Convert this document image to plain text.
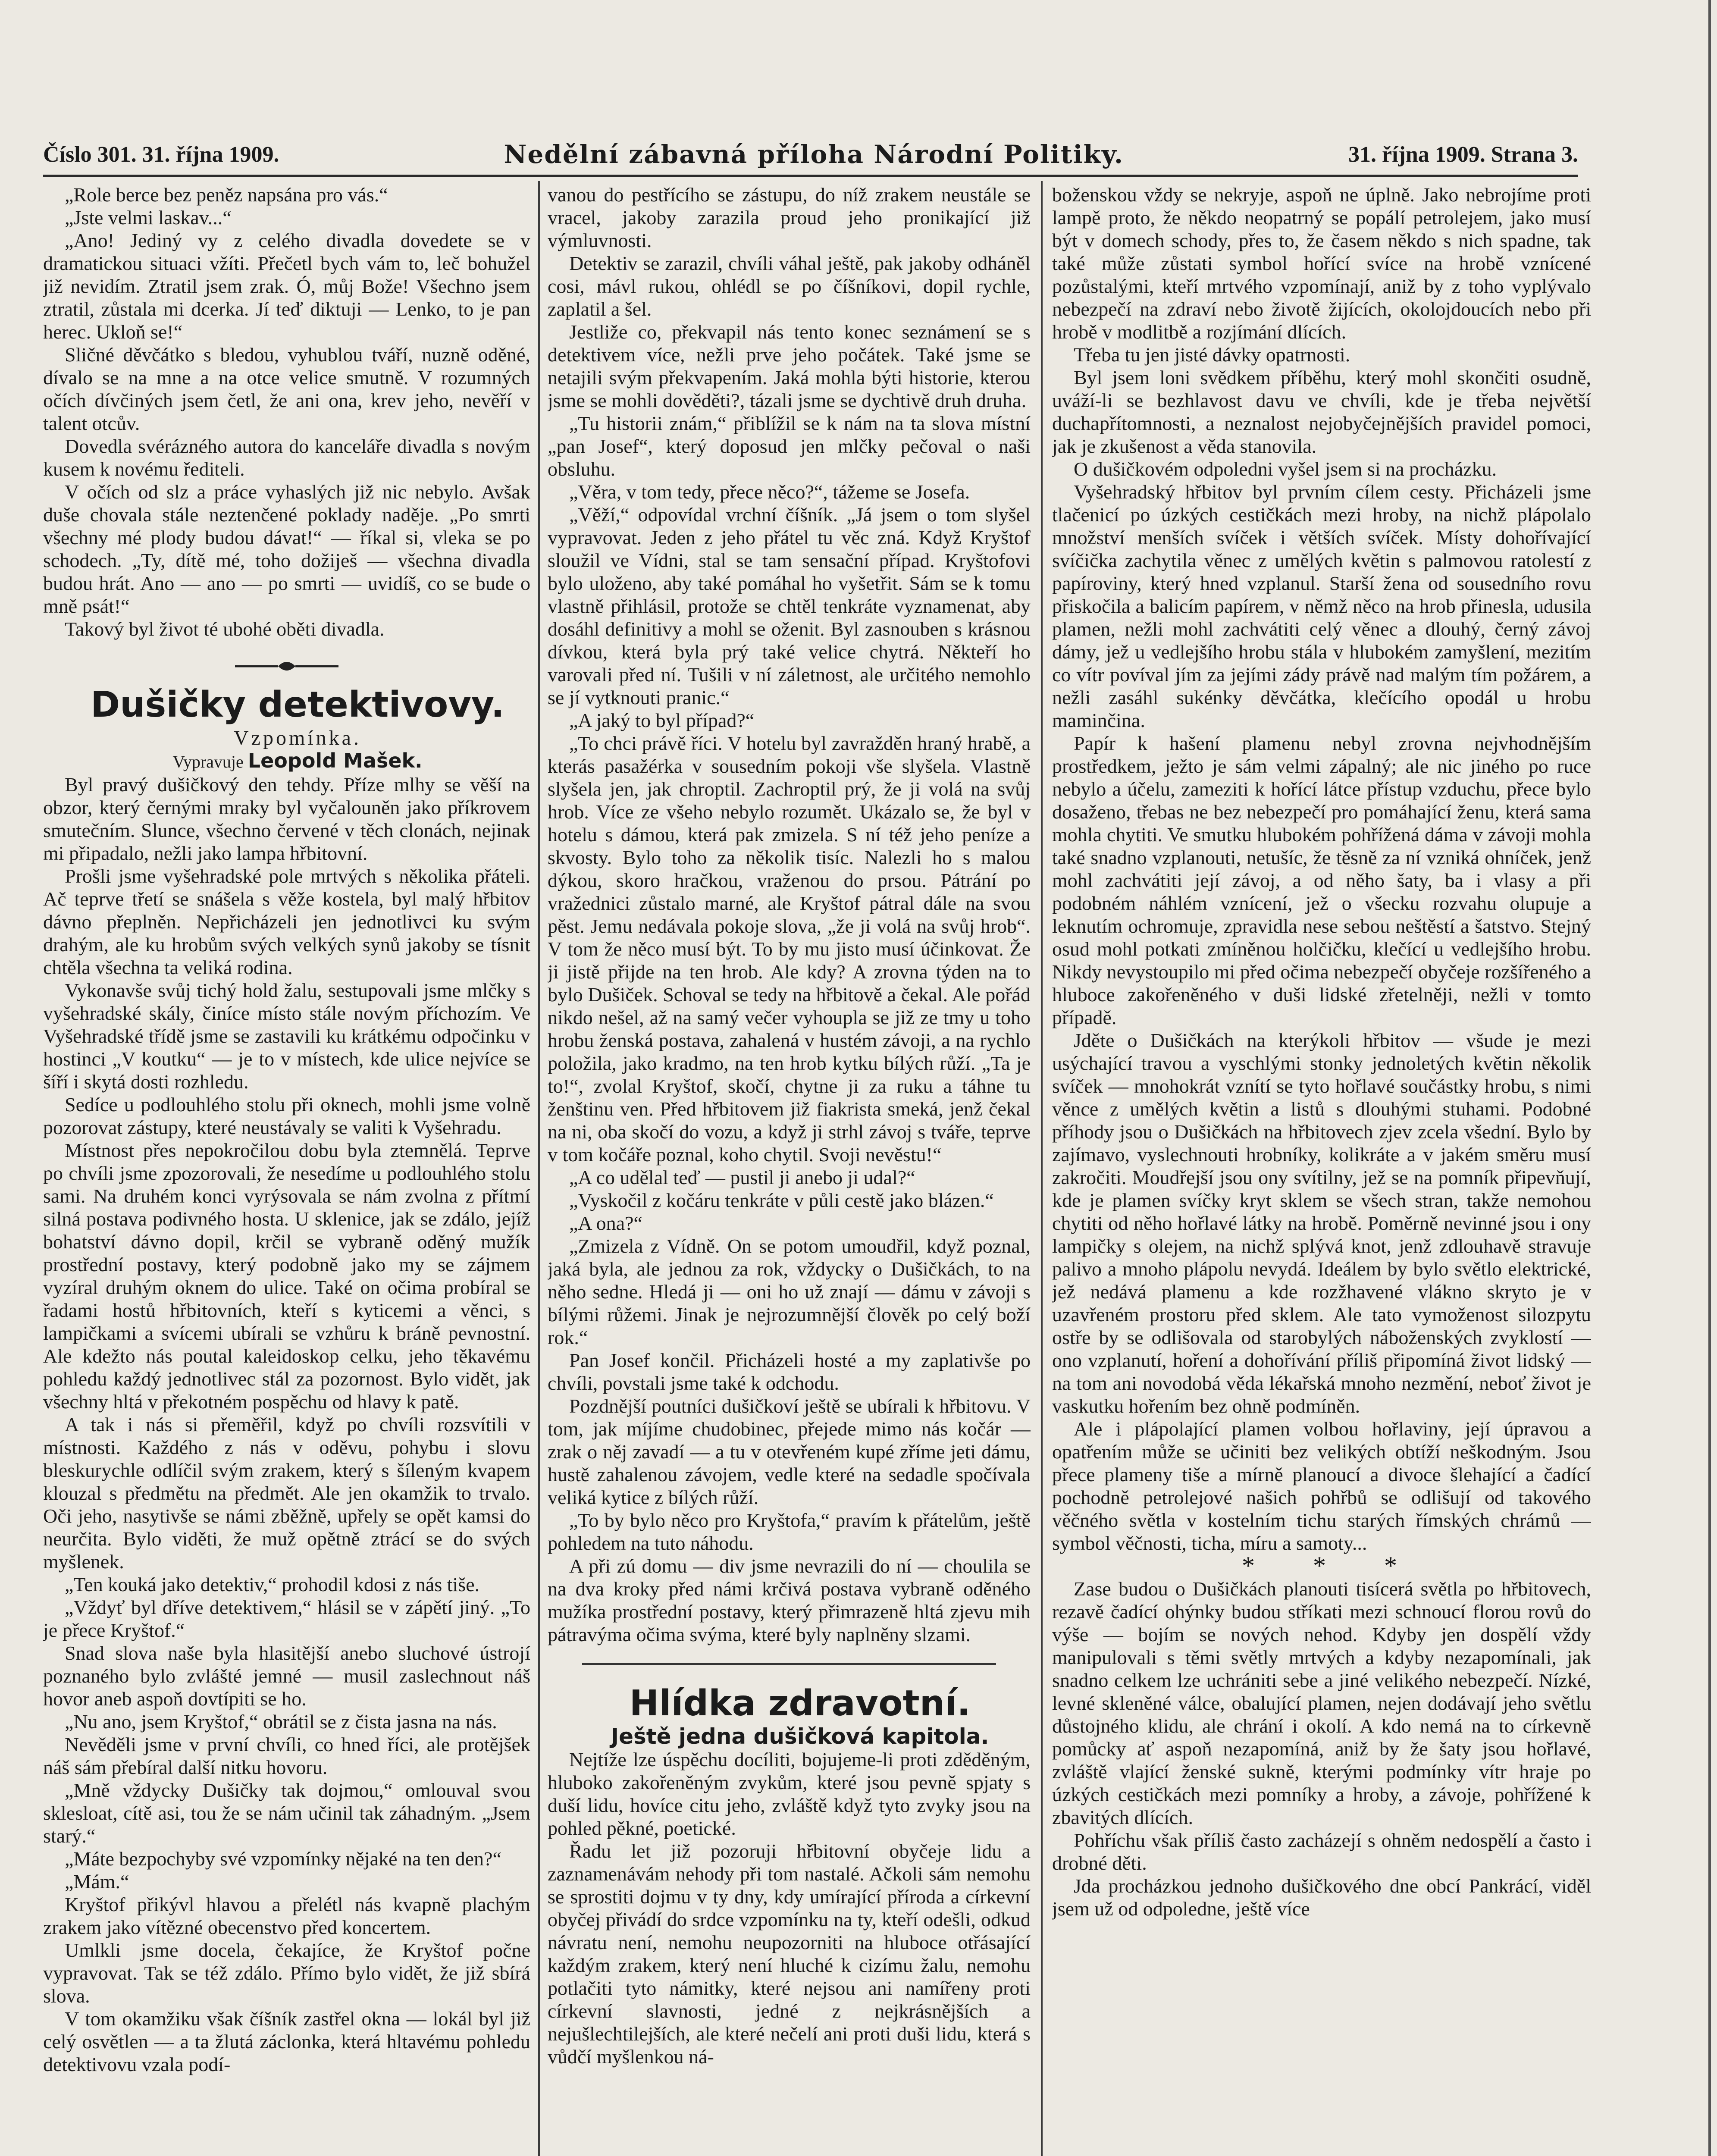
Číslo 301. 31. října 1909.	Nedělní zábavná příloha Národní Politiky.	31. října 1909. Strana 3.

„Role berce bez peněz napsána pro vás.“

„Jste velmi laskav...“

„Ano! Jediný vy z celého divadla dovedete se v dramatickou situaci vžíti. Přečetl bych vám to, leč bohužel již nevidím. Ztratil jsem zrak. Ó, můj Bože! Všechno jsem ztratil, zůstala mi dcerka. Jí teď diktuji — Lenko, to je pan herec. Ukloň se!“

Sličné děvčátko s bledou, vyhublou tváří, nuzně oděné, dívalo se na mne a na otce velice smutně. V rozumných očích dívčiných jsem četl, že ani ona, krev jeho, nevěří v talent otcův.

Dovedla svérázného autora do kanceláře divadla s novým kusem k novému řediteli.

V očích od slz a práce vyhaslých již nic nebylo. Avšak duše chovala stále neztenčené poklady naděje. „Po smrti všechny mé plody budou dávat!“ — říkal si, vleka se po schodech. „Ty, dítě mé, toho dožiješ — všechna divadla budou hrát. Ano — ano — po smrti — uvidíš, co se bude o mně psát!“

Takový byl život té ubohé oběti divadla.

Dušičky detektivovy.

Vzpomínka.

Vypravuje Leopold Mašek.

Byl pravý dušičkový den tehdy. Příze mlhy se věší na obzor, který černými mraky byl vyčalouněn jako příkrovem smutečním. Slunce, všechno červené v těch clonách, nejinak mi připadalo, nežli jako lampa hřbitovní.

Prošli jsme vyšehradské pole mrtvých s několika přáteli. Ač teprve třetí se snášela s věže kostela, byl malý hřbitov dávno přeplněn. Nepřicházeli jen jednotlivci ku svým drahým, ale ku hrobům svých velkých synů jakoby se tísnit chtěla všechna ta veliká rodina.

Vykonavše svůj tichý hold žalu, sestupovali jsme mlčky s vyšehradské skály, činíce místo stále novým příchozím. Ve Vyšehradské třídě jsme se zastavili ku krátkému odpočinku v hostinci „V koutku“ — je to v místech, kde ulice nejvíce se šíří i skytá dosti rozhledu.

Sedíce u podlouhlého stolu při oknech, mohli jsme volně pozorovat zástupy, které neustávaly se valiti k Vyšehradu.

Místnost přes nepokročilou dobu byla ztemnělá. Teprve po chvíli jsme zpozorovali, že nesedíme u podlouhlého stolu sami. Na druhém konci vyrýsovala se nám zvolna z přítmí silná postava podivného hosta. U sklenice, jak se zdálo, jejíž bohatství dávno dopil, krčil se vybraně oděný mužík prostřední postavy, který podobně jako my se zájmem vyzíral druhým oknem do ulice. Také on očima probíral se řadami hostů hřbitovních, kteří s kyticemi a věnci, s lampičkami a svícemi ubírali se vzhůru k bráně pevnostní. Ale kdežto nás poutal kaleidoskop celku, jeho těkavému pohledu každý jednotlivec stál za pozornost. Bylo vidět, jak všechny hltá v překotném pospěchu od hlavy k patě.

A tak i nás si přeměřil, když po chvíli rozsvítili v místnosti. Každého z nás v oděvu, pohybu i slovu bleskurychle odlíčil svým zrakem, který s šíleným kvapem klouzal s předmětu na předmět. Ale jen okamžik to trvalo. Oči jeho, nasytivše se námi zběžně, upřely se opět kamsi do neurčita. Bylo viděti, že muž opětně ztrácí se do svých myšlenek.

„Ten kouká jako detektiv,“ prohodil kdosi z nás tiše.

„Vždyť byl dříve detektivem,“ hlásil se v zápětí jiný. „To je přece Kryštof.“

Snad slova naše byla hlasitější anebo sluchové ústrojí poznaného bylo zvlášté jemné — musil zaslechnout náš hovor aneb aspoň dovtípiti se ho.

„Nu ano, jsem Kryštof,“ obrátil se z čista jasna na nás.

Nevěděli jsme v první chvíli, co hned říci, ale protějšek náš sám přebíral další nitku hovoru.

„Mně vždycky Dušičky tak dojmou,“ omlouval svou sklesloat, cítě asi, tou že se nám učinil tak záhadným. „Jsem starý.“

„Máte bezpochyby své vzpomínky nějaké na ten den?“

„Mám.“

Kryštof přikývl hlavou a přelétl nás kvapně plachým zrakem jako vítězné obecenstvo před koncertem.

Umlkli jsme docela, čekajíce, že Kryštof počne vypravovat. Tak se též zdálo. Přímo bylo vidět, že již sbírá slova.

V tom okamžiku však číšník zastřel okna — lokál byl již celý osvětlen — a ta žlutá záclonka, která hltavému pohledu detektivovu vzala podí-

vanou do pestřícího se zástupu, do níž zrakem neustále se vracel, jakoby zarazila proud jeho pronikající již výmluvnosti.

Detektiv se zarazil, chvíli váhal ještě, pak jakoby odháněl cosi, mávl rukou, ohlédl se po číšníkovi, dopil rychle, zaplatil a šel.

Jestliže co, překvapil nás tento konec seznámení se s detektivem více, nežli prve jeho počátek. Také jsme se netajili svým překvapením. Jaká mohla býti historie, kterou jsme se mohli dověděti?, tázali jsme se dychtivě druh druha.

„Tu historii znám,“ přiblížil se k nám na ta slova místní „pan Josef“, který doposud jen mlčky pečoval o naši obsluhu.

„Věra, v tom tedy, přece něco?“, tážeme se Josefa.

„Věží,“ odpovídal vrchní číšník. „Já jsem o tom slyšel vypravovat. Jeden z jeho přátel tu věc zná. Když Kryštof sloužil ve Vídni, stal se tam sensační případ. Kryštofovi bylo uloženo, aby také pomáhal ho vyšetřit. Sám se k tomu vlastně přihlásil, protože se chtěl tenkráte vyznamenat, aby dosáhl definitivy a mohl se oženit. Byl zasnouben s krásnou dívkou, která byla prý také velice chytrá. Někteří ho varovali před ní. Tušili v ní záletnost, ale určitého nemohlo se jí vytknouti pranic.“

„A jaký to byl případ?“

„To chci právě říci. V hotelu byl zavražděn hraný hrabě, a kterás pasažérka v sousedním pokoji vše slyšela. Vlastně slyšela jen, jak chroptil. Zachroptil prý, že ji volá na svůj hrob. Více ze všeho nebylo rozumět. Ukázalo se, že byl v hotelu s dámou, která pak zmizela. S ní též jeho peníze a skvosty. Bylo toho za několik tisíc. Nalezli ho s malou dýkou, skoro hračkou, vraženou do prsou. Pátrání po vražednici zůstalo marné, ale Kryštof pátral dále na svou pěst. Jemu nedávala pokoje slova, „že ji volá na svůj hrob“. V tom že něco musí být. To by mu jisto musí účinkovat. Že ji jistě přijde na ten hrob. Ale kdy? A zrovna týden na to bylo Dušiček. Schoval se tedy na hřbitově a čekal. Ale pořád nikdo nešel, až na samý večer vyhoupla se již ze tmy u toho hrobu ženská postava, zahalená v hustém závoji, a na rychlo položila, jako kradmo, na ten hrob kytku bílých růží. „Ta je to!“, zvolal Kryštof, skočí, chytne ji za ruku a táhne tu ženštinu ven. Před hřbitovem již fiakrista smeká, jenž čekal na ni, oba skočí do vozu, a když ji strhl závoj s tváře, teprve v tom kočáře poznal, koho chytil. Svoji nevěstu!“

„A co udělal teď — pustil ji anebo ji udal?“

„Vyskočil z kočáru tenkráte v půli cestě jako blázen.“

„A ona?“

„Zmizela z Vídně. On se potom umoudřil, když poznal, jaká byla, ale jednou za rok, vždycky o Dušičkách, to na něho sedne. Hledá ji — oni ho už znají — dámu v závoji s bílými růžemi. Jinak je nejrozumnější člověk po celý boží rok.“

Pan Josef končil. Přicházeli hosté a my zaplativše po chvíli, povstali jsme také k odchodu.

Pozdnější poutníci dušičkoví ještě se ubírali k hřbitovu. V tom, jak míjíme chudobinec, přejede mimo nás kočár — zrak o něj zavadí — a tu v otevřeném kupé zříme jeti dámu, hustě zahalenou závojem, vedle které na sedadle spočívala veliká kytice z bílých růží.

„To by bylo něco pro Kryštofa,“ pravím k přátelům, ještě pohledem na tuto náhodu.

A při zú domu — div jsme nevrazili do ní — choulila se na dva kroky před námi krčivá postava vybraně oděného mužíka prostřední postavy, který přimrazeně hltá zjevu mih pátravýma očima svýma, které byly naplněny slzami.

Hlídka zdravotní.

Ještě jedna dušičková kapitola.

Nejtíže lze úspěchu docíliti, bojujeme-li proti zděděným, hluboko zakořeněným zvykům, které jsou pevně spjaty s duší lidu, hovíce citu jeho, zvláště když tyto zvyky jsou na pohled pěkné, poetické.

Řadu let již pozoruji hřbitovní obyčeje lidu a zaznamenávám nehody při tom nastalé. Ačkoli sám nemohu se sprostiti dojmu v ty dny, kdy umírající příroda a církevní obyčej přivádí do srdce vzpomínku na ty, kteří odešli, odkud návratu není, nemohu neupozorniti na hluboce otřásající každým zrakem, který není hluché k cizímu žalu, nemohu potlačiti tyto námitky, které nejsou ani namířeny proti církevní slavnosti, jedné z nejkrásnějších a nejušlechtilejších, ale které nečelí ani proti duši lidu, která s vůdčí myšlenkou ná-

boženskou vždy se nekryje, aspoň ne úplně. Jako nebrojíme proti lampě proto, že někdo neopatrný se popálí petrolejem, jako musí být v domech schody, přes to, že časem někdo s nich spadne, tak také může zůstati symbol hořící svíce na hrobě vznícené pozůstalými, kteří mrtvého vzpomínají, aniž by z toho vyplývalo nebezpečí na zdraví nebo životě žijících, okolojdoucích nebo při hrobě v modlitbě a rozjímání dlících.

Třeba tu jen jisté dávky opatrnosti.

Byl jsem loni svědkem příběhu, který mohl skončiti osudně, uváží-li se bezhlavost davu ve chvíli, kde je třeba největší duchapřítomnosti, a neznalost nejobyčejnějších pravidel pomoci, jak je zkušenost a věda stanovila.

O dušičkovém odpoledni vyšel jsem si na procházku.

Vyšehradský hřbitov byl prvním cílem cesty. Přicházeli jsme tlačenicí po úzkých cestičkách mezi hroby, na nichž plápolalo množství menších svíček i větších svíček. Místy dohořívající svíčička zachytila věnec z umělých květin s palmovou ratolestí z papíroviny, který hned vzplanul. Starší žena od sousedního rovu přiskočila a balicím papírem, v němž něco na hrob přinesla, udusila plamen, nežli mohl zachvátiti celý věnec a dlouhý, černý závoj dámy, jež u vedlejšího hrobu stála v hlubokém zamyšlení, mezitím co vítr povíval jím za jejími zády právě nad malým tím požárem, a nežli zasáhl sukénky děvčátka, klečícího opodál u hrobu maminčina.

Papír k hašení plamenu nebyl zrovna nejvhodnějším prostředkem, ježto je sám velmi zápalný; ale nic jiného po ruce nebylo a účelu, zameziti k hořící látce přístup vzduchu, přece bylo dosaženo, třebas ne bez nebezpečí pro pomáhající ženu, která sama mohla chytiti. Ve smutku hlubokém pohřížená dáma v závoji mohla také snadno vzplanouti, netušíc, že těsně za ní vzniká ohníček, jenž mohl zachvátiti její závoj, a od něho šaty, ba i vlasy a při podobném náhlém vznícení, jež o všecku rozvahu olupuje a leknutím ochromuje, zpravidla nese sebou neštěstí a šatstvo. Stejný osud mohl potkati zmíněnou holčičku, klečící u vedlejšího hrobu. Nikdy nevystoupilo mi před očima nebezpečí obyčeje rozšířeného a hluboce zakořeněného v duši lidské zřetelněji, nežli v tomto případě.

Jděte o Dušičkách na kterýkoli hřbitov — všude je mezi usýchající travou a vyschlými stonky jednoletých květin několik svíček — mnohokrát vznítí se tyto hořlavé součástky hrobu, s nimi věnce z umělých květin a listů s dlouhými stuhami. Podobné příhody jsou o Dušičkách na hřbitovech zjev zcela všední. Bylo by zajímavo, vyslechnouti hrobníky, kolikráte a v jakém směru musí zakročiti. Moudřejší jsou ony svítilny, jež se na pomník připevňují, kde je plamen svíčky kryt sklem se všech stran, takže nemohou chytiti od něho hořlavé látky na hrobě. Poměrně nevinné jsou i ony lampičky s olejem, na nichž splývá knot, jenž zdlouhavě stravuje palivo a mnoho plápolu nevydá. Ideálem by bylo světlo elektrické, jež nedává plamenu a kde rozžhavené vlákno skryto je v uzavřeném prostoru před sklem. Ale tato vymoženost silozpytu ostře by se odlišovala od starobylých náboženských zvyklostí — ono vzplanutí, hoření a dohořívání příliš připomíná život lidský — na tom ani novodobá věda lékařská mnoho nezmění, neboť život je vaskutku hořením bez ohně podmíněn.

Ale i plápolající plamen volbou hořlaviny, její úpravou a opatřením může se učiniti bez velikých obtíží neškodným. Jsou přece plameny tiše a mírně planoucí a divoce šlehající a čadící pochodně petrolejové našich pohřbů se odlišují od takového věčného světla v kostelním tichu starých římských chrámů — symbol věčnosti, ticha, míru a samoty...

* * *

Zase budou o Dušičkách planouti tisícerá světla po hřbitovech, rezavě čadící ohýnky budou stříkati mezi schnoucí florou rovů do výše — bojím se nových nehod. Kdyby jen dospělí vždy manipulovali s těmi světly mrtvých a kdyby nezapomínali, jak snadno celkem lze uchrániti sebe a jiné velikého nebezpečí. Nízké, levné skleněné válce, obalující plamen, nejen dodávají jeho světlu důstojného klidu, ale chrání i okolí. A kdo nemá na to církevně pomůcky ať aspoň nezapomíná, aniž by že šaty jsou hořlavé, zvláště vlající ženské sukně, kterými podmínky vítr hraje po úzkých cestičkách mezi pomníky a hroby, a závoje, pohřížené k zbavitých dlících.

Pohříchu však příliš často zacházejí s ohněm nedospělí a často i drobné děti.

Jda procházkou jednoho dušičkového dne obcí Pankrácí, viděl jsem už od odpoledne, ještě více
